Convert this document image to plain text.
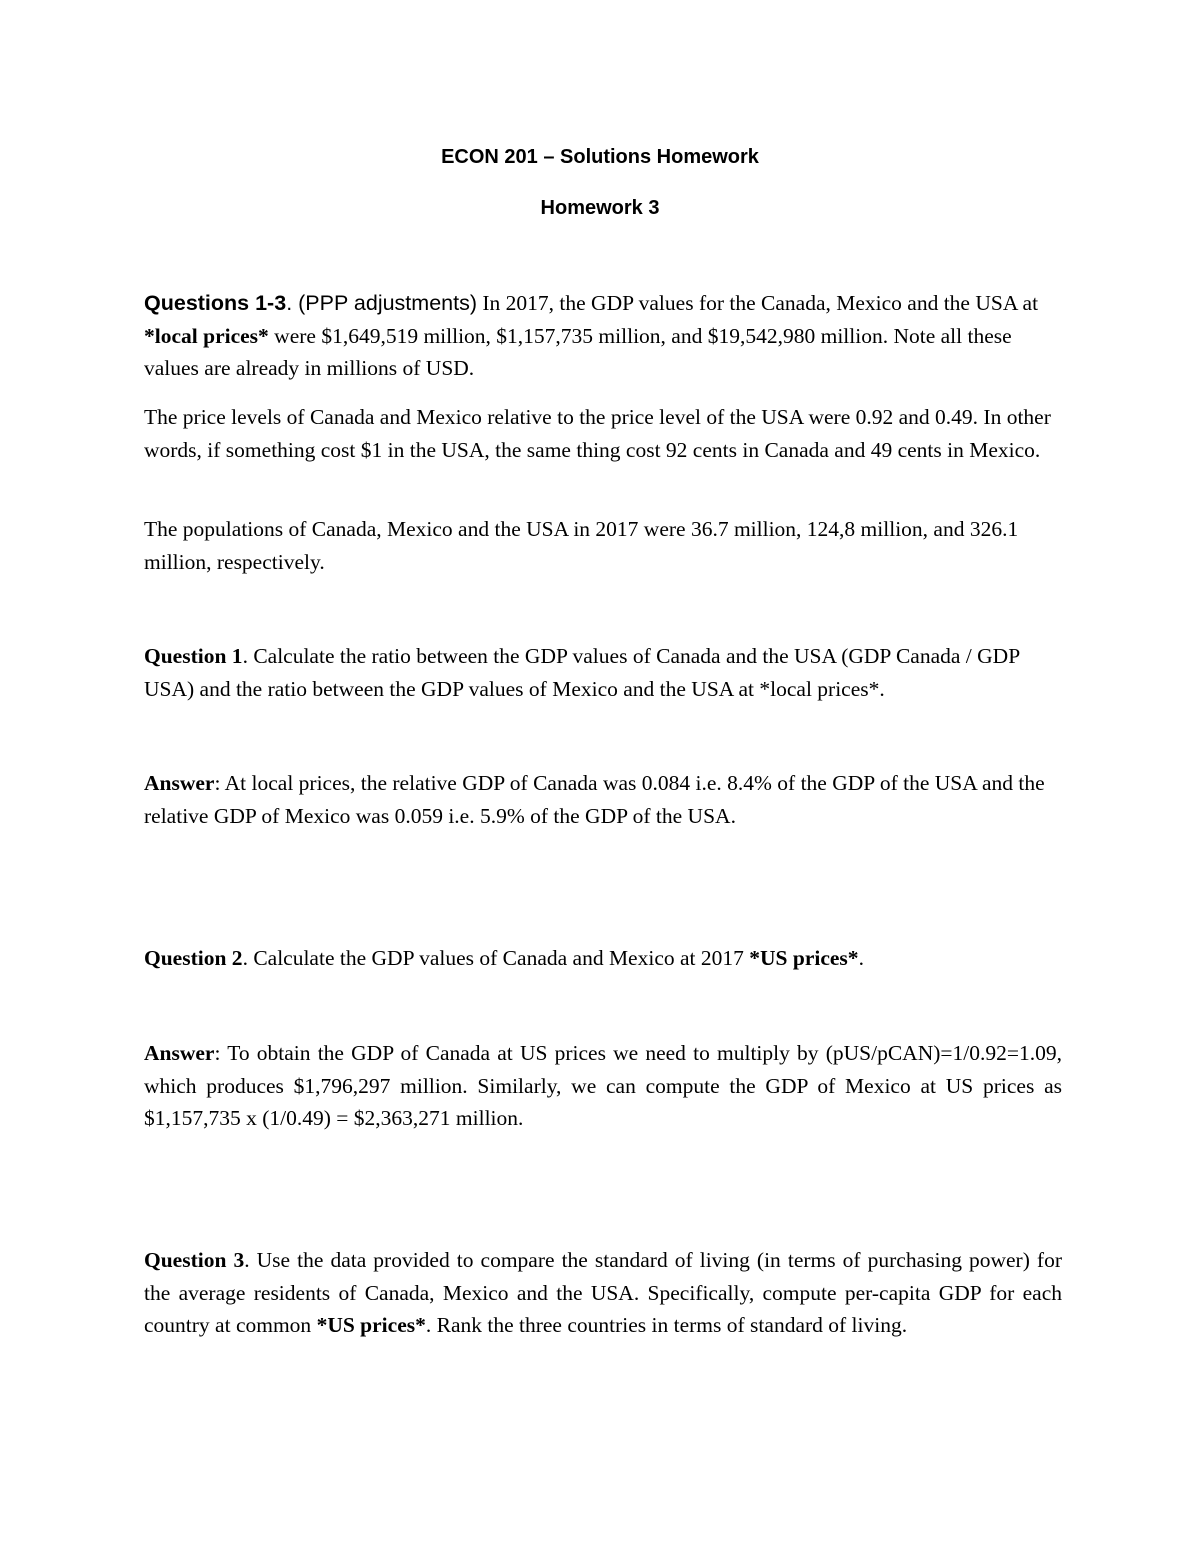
ECON 201 – Solutions Homework
Homework 3

Questions 1-3. (PPP adjustments) In 2017, the GDP values for the Canada, Mexico and the USA at *local prices* were $1,649,519 million, $1,157,735 million, and $19,542,980 million. Note all these values are already in millions of USD.

The price levels of Canada and Mexico relative to the price level of the USA were 0.92 and 0.49. In other words, if something cost $1 in the USA, the same thing cost 92 cents in Canada and 49 cents in Mexico.

The populations of Canada, Mexico and the USA in 2017 were 36.7 million, 124,8 million, and 326.1 million, respectively.

Question 1. Calculate the ratio between the GDP values of Canada and the USA (GDP Canada / GDP USA) and the ratio between the GDP values of Mexico and the USA at *local prices*.

Answer: At local prices, the relative GDP of Canada was 0.084 i.e. 8.4% of the GDP of the USA and the relative GDP of Mexico was 0.059 i.e. 5.9% of the GDP of the USA.

Question 2. Calculate the GDP values of Canada and Mexico at 2017 *US prices*.

Answer: To obtain the GDP of Canada at US prices we need to multiply by (pUS/pCAN)=1/0.92=1.09, which produces $1,796,297 million. Similarly, we can compute the GDP of Mexico at US prices as $1,157,735 x (1/0.49) = $2,363,271 million.

Question 3. Use the data provided to compare the standard of living (in terms of purchasing power) for the average residents of Canada, Mexico and the USA. Specifically, compute per-capita GDP for each country at common *US prices*. Rank the three countries in terms of standard of living.
